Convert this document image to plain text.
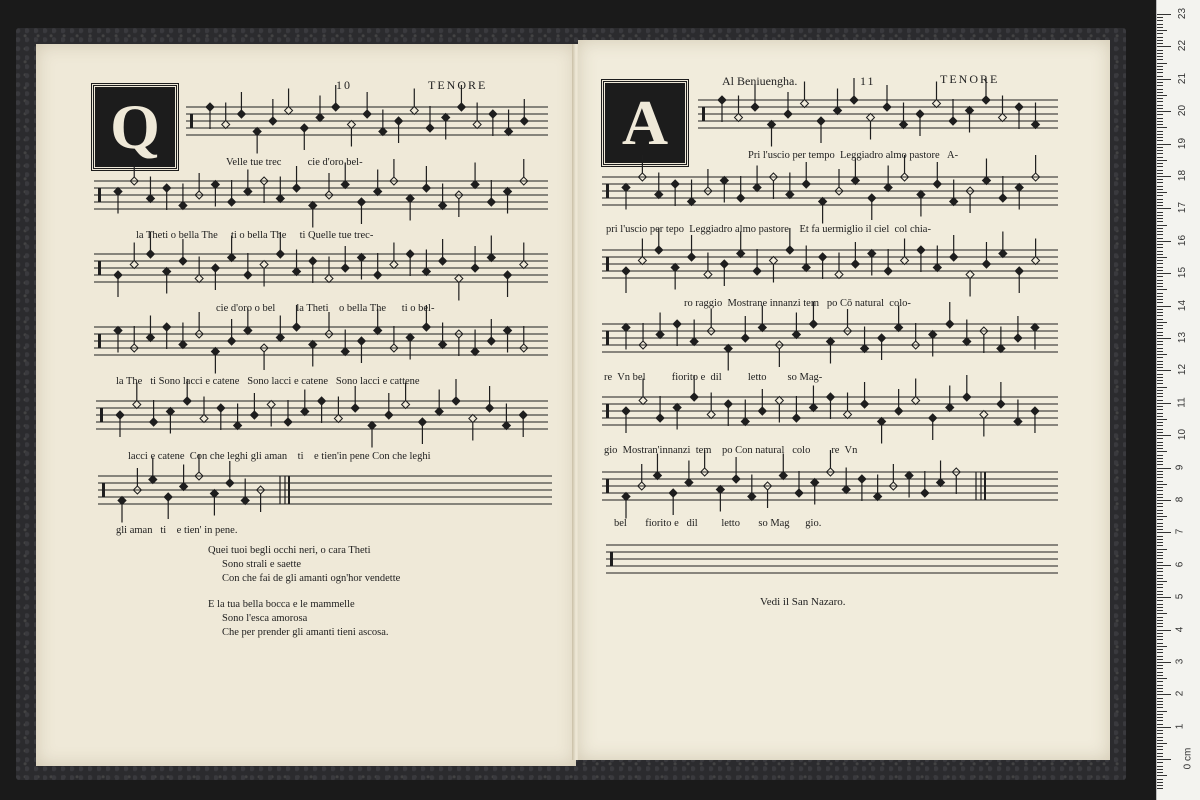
Q
10	TENORE
Velle tue trec          cie d'oro bel-
la Theti o bella The     ti o bella The     ti Quelle tue trec-
cie d'oro o bel        la Theti    o bella The      ti o bel-
la The   ti Sono lacci e catene   Sono lacci e catene   Sono lacci e cattene
lacci e catene  Con che leghi gli aman    ti    e tien'in pene Con che leghi
gli aman   ti    e tien' in pene.
Quei tuoi begli occhi neri, o cara Theti
Sono strali e saette
Con che fai de gli amanti ogn'hor vendette
E la tua bella bocca e le mammelle
Sono l'esca amorosa
Che per prender gli amanti tieni ascosa.
A
Al Beniuengha.	11	TENORE
Pri l'uscio per tempo  Leggiadro almo pastore   A-
pri l'uscio per tepo  Leggiadro almo pastore    Et fa uermiglio il ciel  col chia-
ro raggio  Mostrane innanzi tem   po Cō natural  colo-
re  Vn bel          fiorito e  dil          letto        so Mag-
gio  Mostran'innanzi  tem    po Con natural   colo        re  Vn
bel       fiorito e   dil         letto       so Mag      gio.
Vedi il San Nazaro.
23
22
21
20
19
18
17
16
15
14
13
12
11
10
9
8
7
6
5
4
3
2
1
0 cm
